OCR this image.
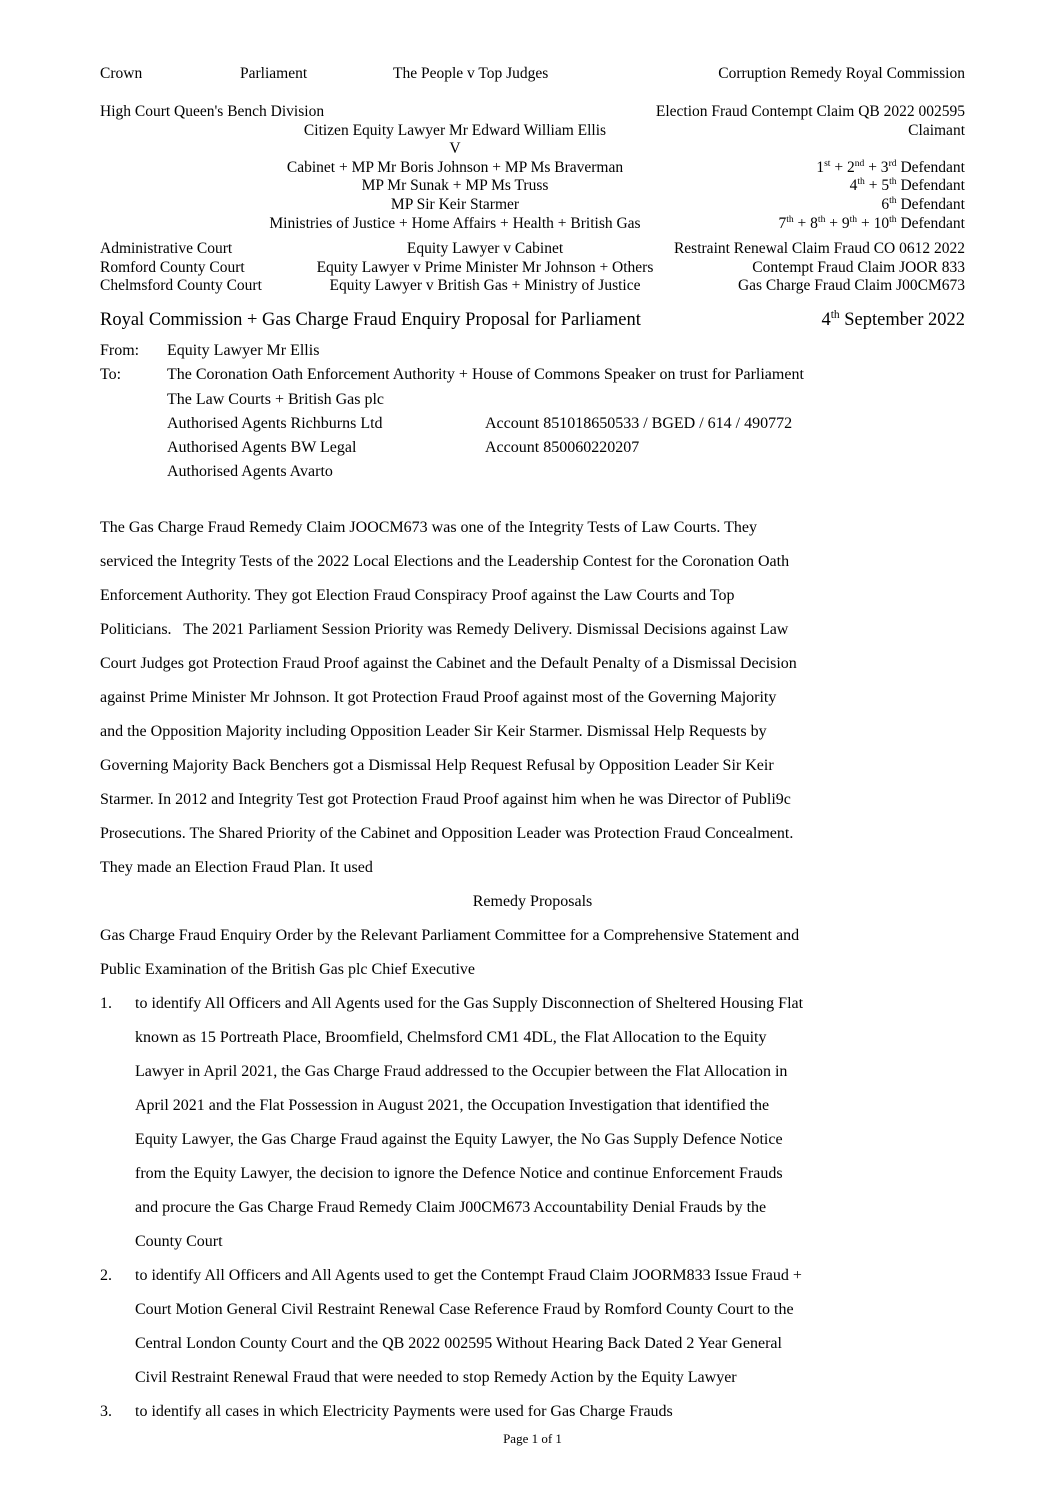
Crown	Parliament	The People v Top Judges	Corruption Remedy Royal Commission
High Court Queen's Bench Division	Election Fraud Contempt Claim QB 2022 002595
Citizen Equity Lawyer Mr Edward William Ellis	Claimant
V
Cabinet + MP Mr Boris Johnson + MP Ms Braverman	1st + 2nd + 3rd Defendant
MP Mr Sunak + MP Ms Truss	4th + 5th Defendant
MP Sir Keir Starmer	6th Defendant
Ministries of Justice + Home Affairs + Health + British Gas	7th + 8th + 9th + 10th Defendant
Administrative Court	Equity Lawyer v Cabinet	Restraint Renewal Claim Fraud CO 0612 2022
Romford County Court	Equity Lawyer v Prime Minister Mr Johnson + Others	Contempt Fraud Claim JOOR 833
Chelmsford County Court	Equity Lawyer v British Gas + Ministry of Justice	Gas Charge Fraud Claim J00CM673
Royal Commission + Gas Charge Fraud Enquiry Proposal for Parliament	4th September 2022
From: Equity Lawyer Mr Ellis
To:	The Coronation Oath Enforcement Authority + House of Commons Speaker on trust for Parliament
The Law Courts + British Gas plc
Authorised Agents Richburns Ltd	Account 851018650533 / BGED / 614 / 490772
Authorised Agents BW Legal	Account 850060220207
Authorised Agents Avarto
The Gas Charge Fraud Remedy Claim JOOCM673 was one of the Integrity Tests of Law Courts. They
serviced the Integrity Tests of the 2022 Local Elections and the Leadership Contest for the Coronation Oath
Enforcement Authority. They got Election Fraud Conspiracy Proof against the Law Courts and Top
Politicians.   The 2021 Parliament Session Priority was Remedy Delivery. Dismissal Decisions against Law
Court Judges got Protection Fraud Proof against the Cabinet and the Default Penalty of a Dismissal Decision
against Prime Minister Mr Johnson. It got Protection Fraud Proof against most of the Governing Majority
and the Opposition Majority including Opposition Leader Sir Keir Starmer. Dismissal Help Requests by
Governing Majority Back Benchers got a Dismissal Help Request Refusal by Opposition Leader Sir Keir
Starmer. In 2012 and Integrity Test got Protection Fraud Proof against him when he was Director of Publi9c
Prosecutions. The Shared Priority of the Cabinet and Opposition Leader was Protection Fraud Concealment.
They made an Election Fraud Plan. It used
Remedy Proposals
Gas Charge Fraud Enquiry Order by the Relevant Parliament Committee for a Comprehensive Statement and
Public Examination of the British Gas plc Chief Executive
1.	to identify All Officers and All Agents used for the Gas Supply Disconnection of Sheltered Housing Flat
known as 15 Portreath Place, Broomfield, Chelmsford CM1 4DL, the Flat Allocation to the Equity
Lawyer in April 2021, the Gas Charge Fraud addressed to the Occupier between the Flat Allocation in
April 2021 and the Flat Possession in August 2021, the Occupation Investigation that identified the
Equity Lawyer, the Gas Charge Fraud against the Equity Lawyer, the No Gas Supply Defence Notice
from the Equity Lawyer, the decision to ignore the Defence Notice and continue Enforcement Frauds
and procure the Gas Charge Fraud Remedy Claim J00CM673 Accountability Denial Frauds by the
County Court
2.	to identify All Officers and All Agents used to get the Contempt Fraud Claim JOORM833 Issue Fraud +
Court Motion General Civil Restraint Renewal Case Reference Fraud by Romford County Court to the
Central London County Court and the QB 2022 002595 Without Hearing Back Dated 2 Year General
Civil Restraint Renewal Fraud that were needed to stop Remedy Action by the Equity Lawyer
3.	to identify all cases in which Electricity Payments were used for Gas Charge Frauds
Page 1 of 1
